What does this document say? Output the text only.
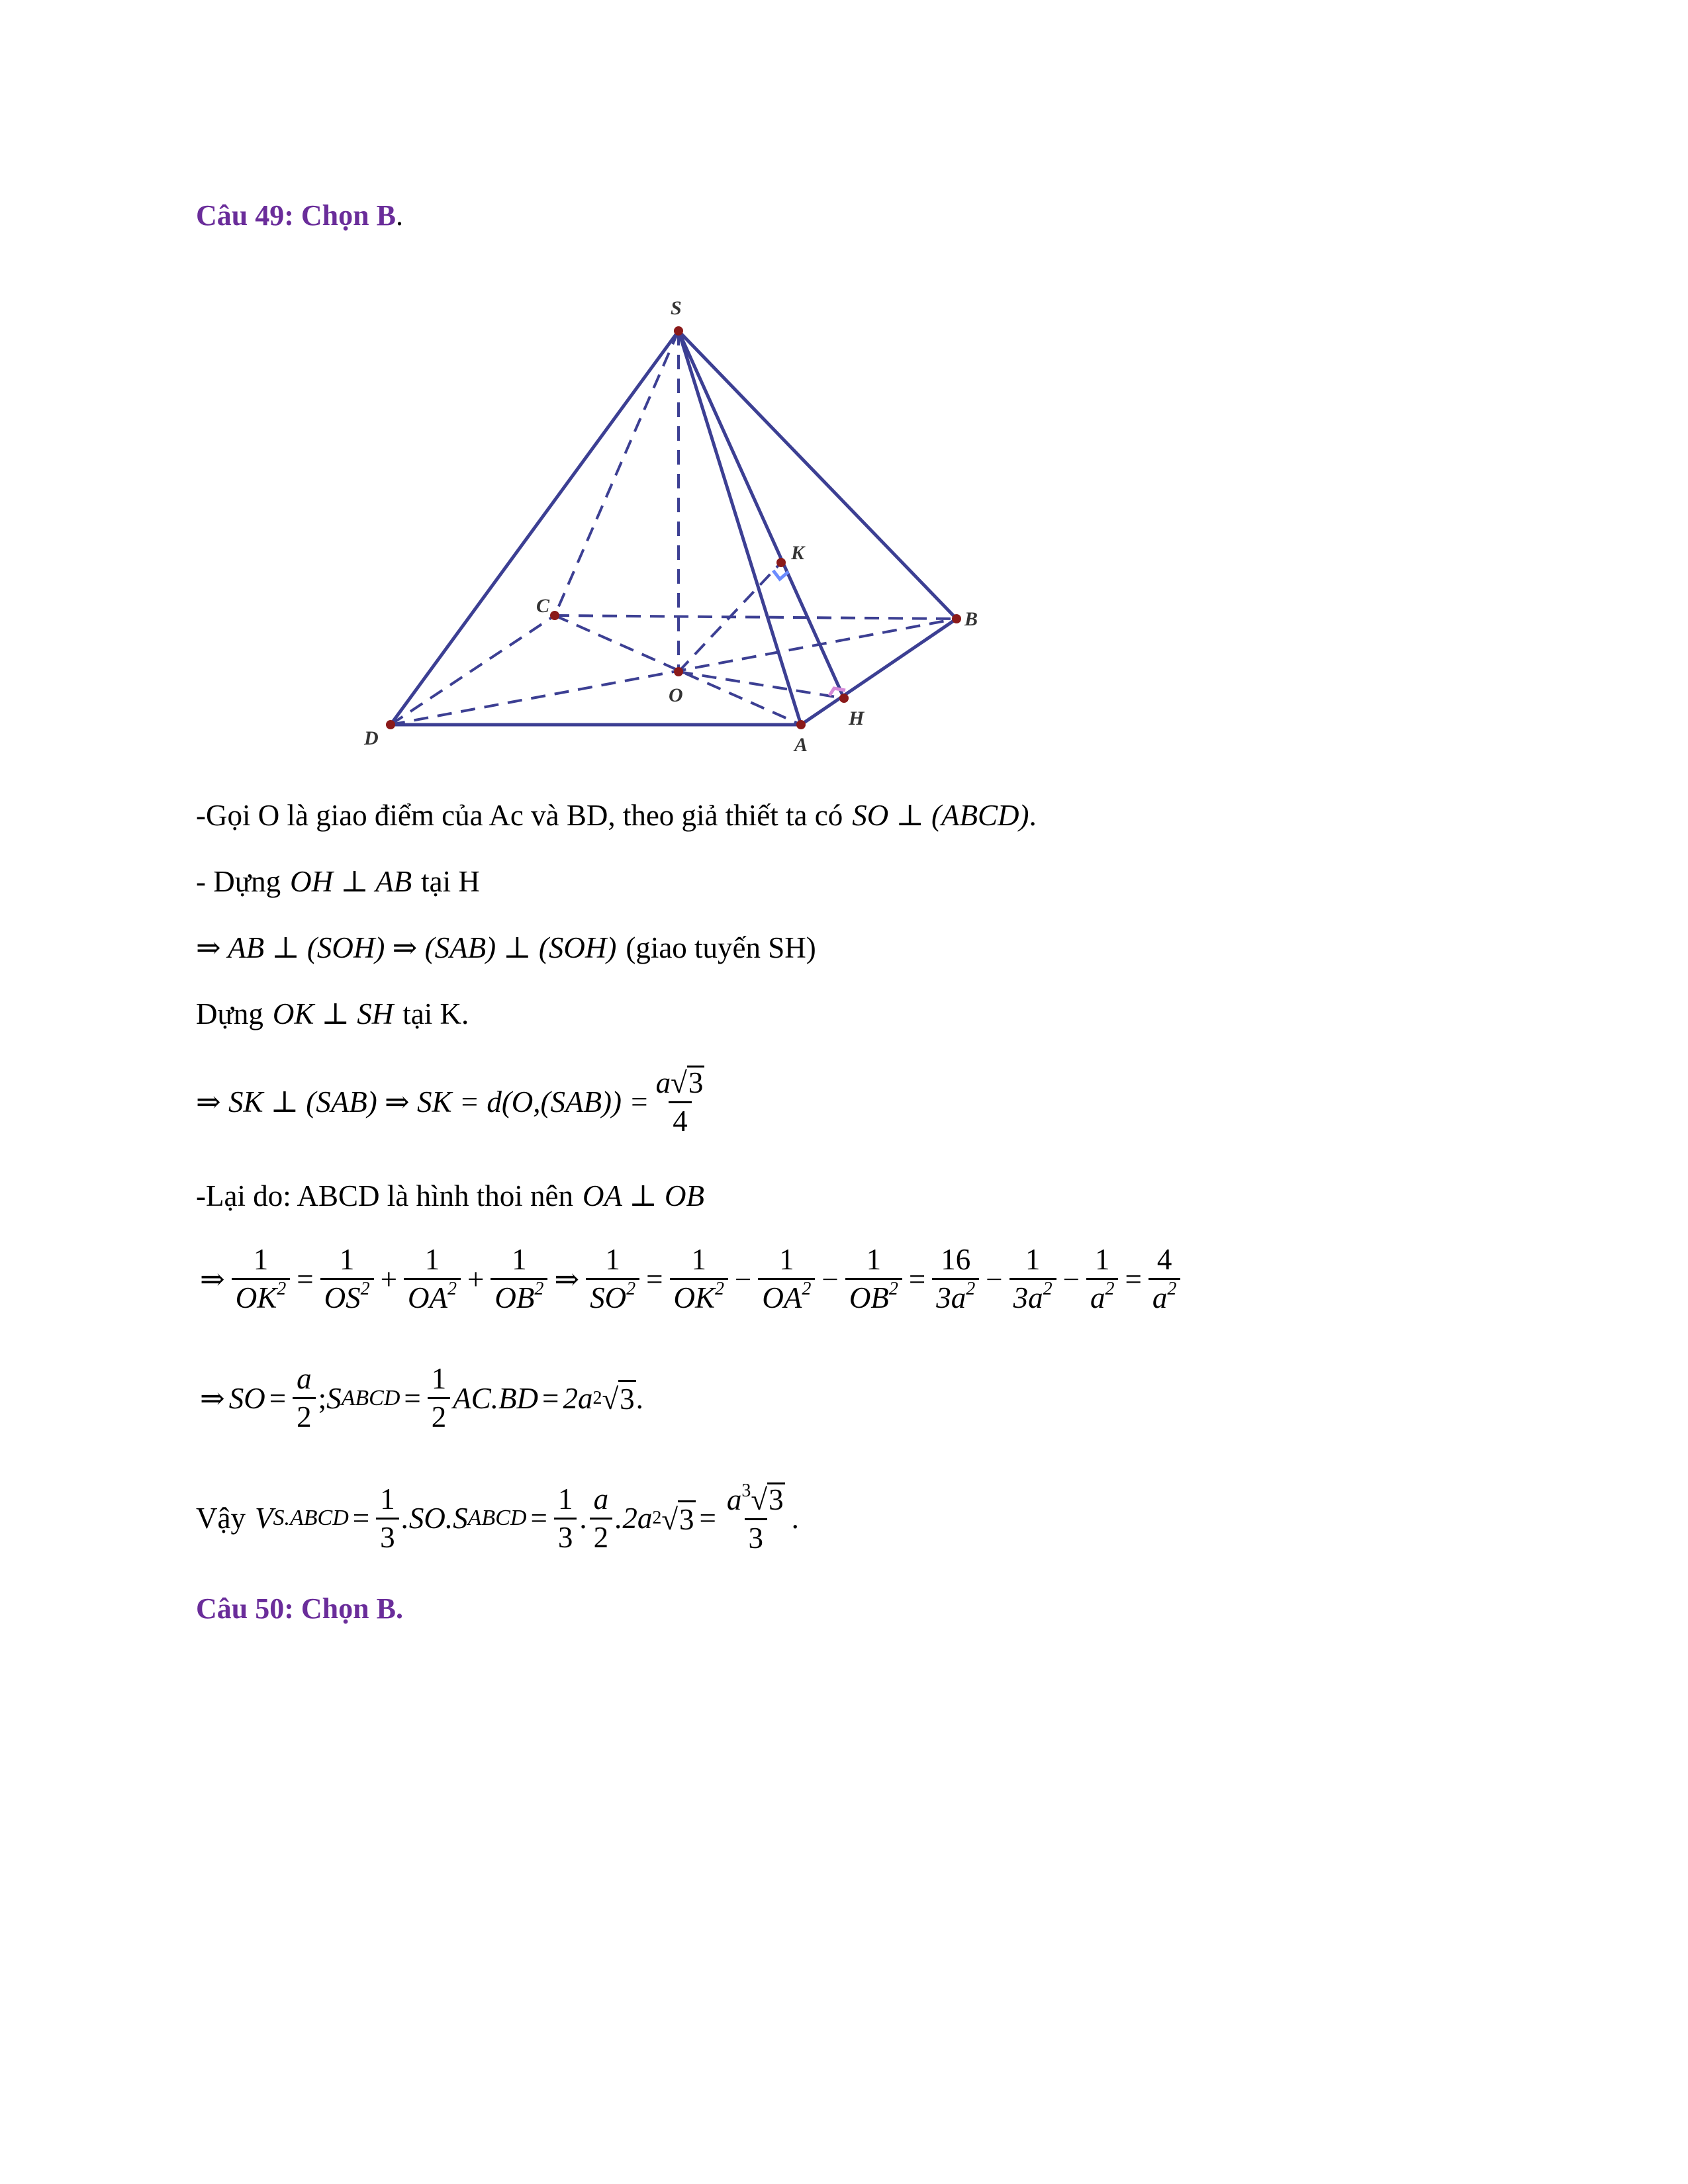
Câu 49: Chọn B.
S
C
K
B
O
H
D	A
-Gọi O là giao điểm của Ac và BD, theo giả thiết ta có SO ⊥ (ABCD) .
- Dựng OH ⊥ AB tại H
⇒ AB ⊥ (SOH) ⇒ (SAB) ⊥ (SOH) (giao tuyến SH)
Dựng OK ⊥ SH tại K.
⇒ SK ⊥ (SAB) ⇒ SK = $d(O,(SAB)) = \frac{a √ 3}{4}$
-Lại do: ABCD là hình thoi nên OA ⊥ OB
⇒ $\frac{1}{OK^2} = \frac{1}{OS^2} + \frac{1}{OA^2} + \frac{1}{OB^2}$ ⇒ $\frac{1}{SO^2} = \frac{1}{OK^2} - \frac{1}{OA^2} - \frac{1}{OB^2} = \frac{16}{3a^2} - \frac{1}{3a^2} - \frac{1}{a^2} = \frac{4}{a^2}$
⇒ SO = $\frac{a}{2}$ ; S ABCD = $\frac{1}{2} AC.BD = 2a$ 2 √ 3 .
Vậy V S.ABCD = $\frac{1}{3} .SO.S$ ABCD = $\frac{1}{3}$ . $\frac{a}{2} .2a$ 2 √ $3 = \frac{a^3 √ 3}{3}$ .
Câu 50: Chọn B.
